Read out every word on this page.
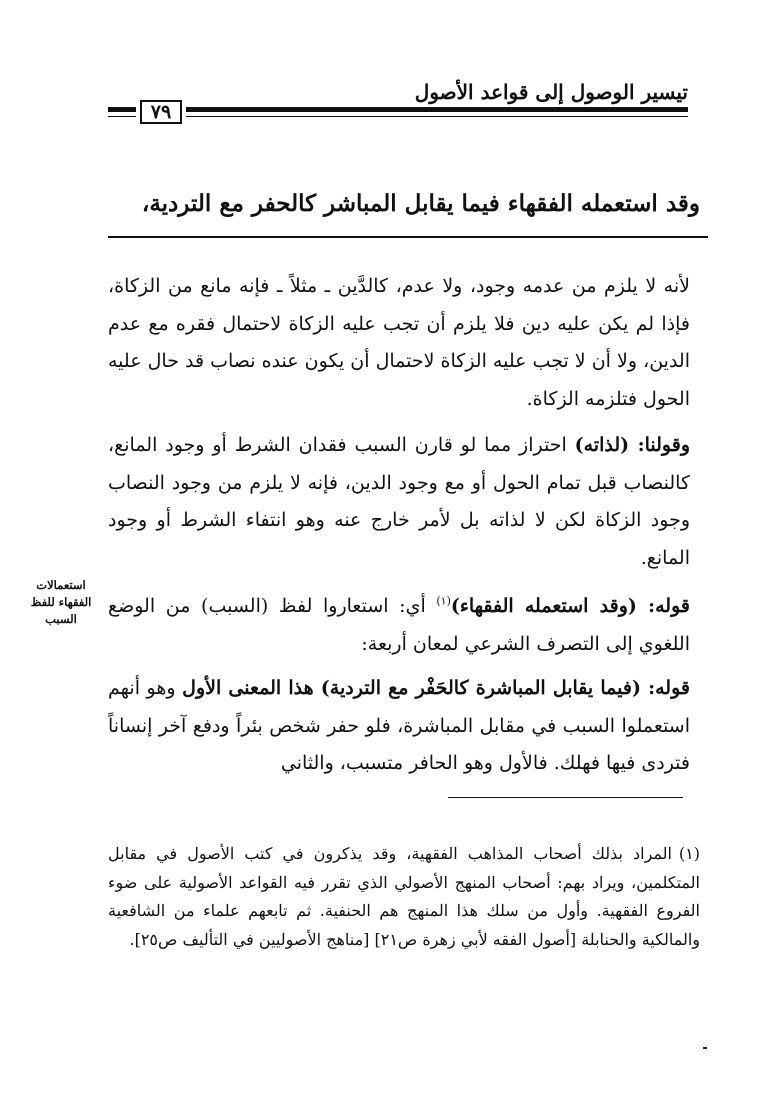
تيسير الوصول إلى قواعد الأصول
٧٩
وقد استعمله الفقهاء فيما يقابل المباشر كالحفر مع التردية،

لأنه لا يلزم من عدمه وجود، ولا عدم، كالدَّين ـ مثلاً ـ فإنه مانع من الزكاة، فإذا لم يكن عليه دين فلا يلزم أن تجب عليه الزكاة لاحتمال فقره مع عدم الدين، ولا أن لا تجب عليه الزكاة لاحتمال أن يكون عنده نصاب قد حال عليه الحول فتلزمه الزكاة.

وقولنا: (لذاته) احتراز مما لو قارن السبب فقدان الشرط أو وجود المانع، كالنصاب قبل تمام الحول أو مع وجود الدين، فإنه لا يلزم من وجود النصاب وجود الزكاة لكن لا لذاته بل لأمر خارج عنه وهو انتفاء الشرط أو وجود المانع.

قوله: (وقد استعمله الفقهاء)$^{(١)}$ أي: استعاروا لفظ (السبب) من الوضع اللغوي إلى التصرف الشرعي لمعان أربعة:

قوله: (فيما يقابل المباشرة كالحَفْر مع التردية) هذا المعنى الأول وهو أنهم استعملوا السبب في مقابل المباشرة، فلو حفر شخص بئراً ودفع آخر إنساناً فتردى فيها فهلك. فالأول وهو الحافر متسبب، والثاني

استعمالات الفقهاء للفظ السبب

(١)المراد بذلك أصحاب المذاهب الفقهية، وقد يذكرون في كتب الأصول في مقابل المتكلمين، ويراد بهم: أصحاب المنهج الأصولي الذي تقرر فيه القواعد الأصولية على ضوء الفروع الفقهية. وأول من سلك هذا المنهج هم الحنفية. ثم تابعهم علماء من الشافعية والمالكية والحنابلة [أصول الفقه لأبي زهرة ص٢١] [مناهج الأصوليين في التأليف ص٢٥].
